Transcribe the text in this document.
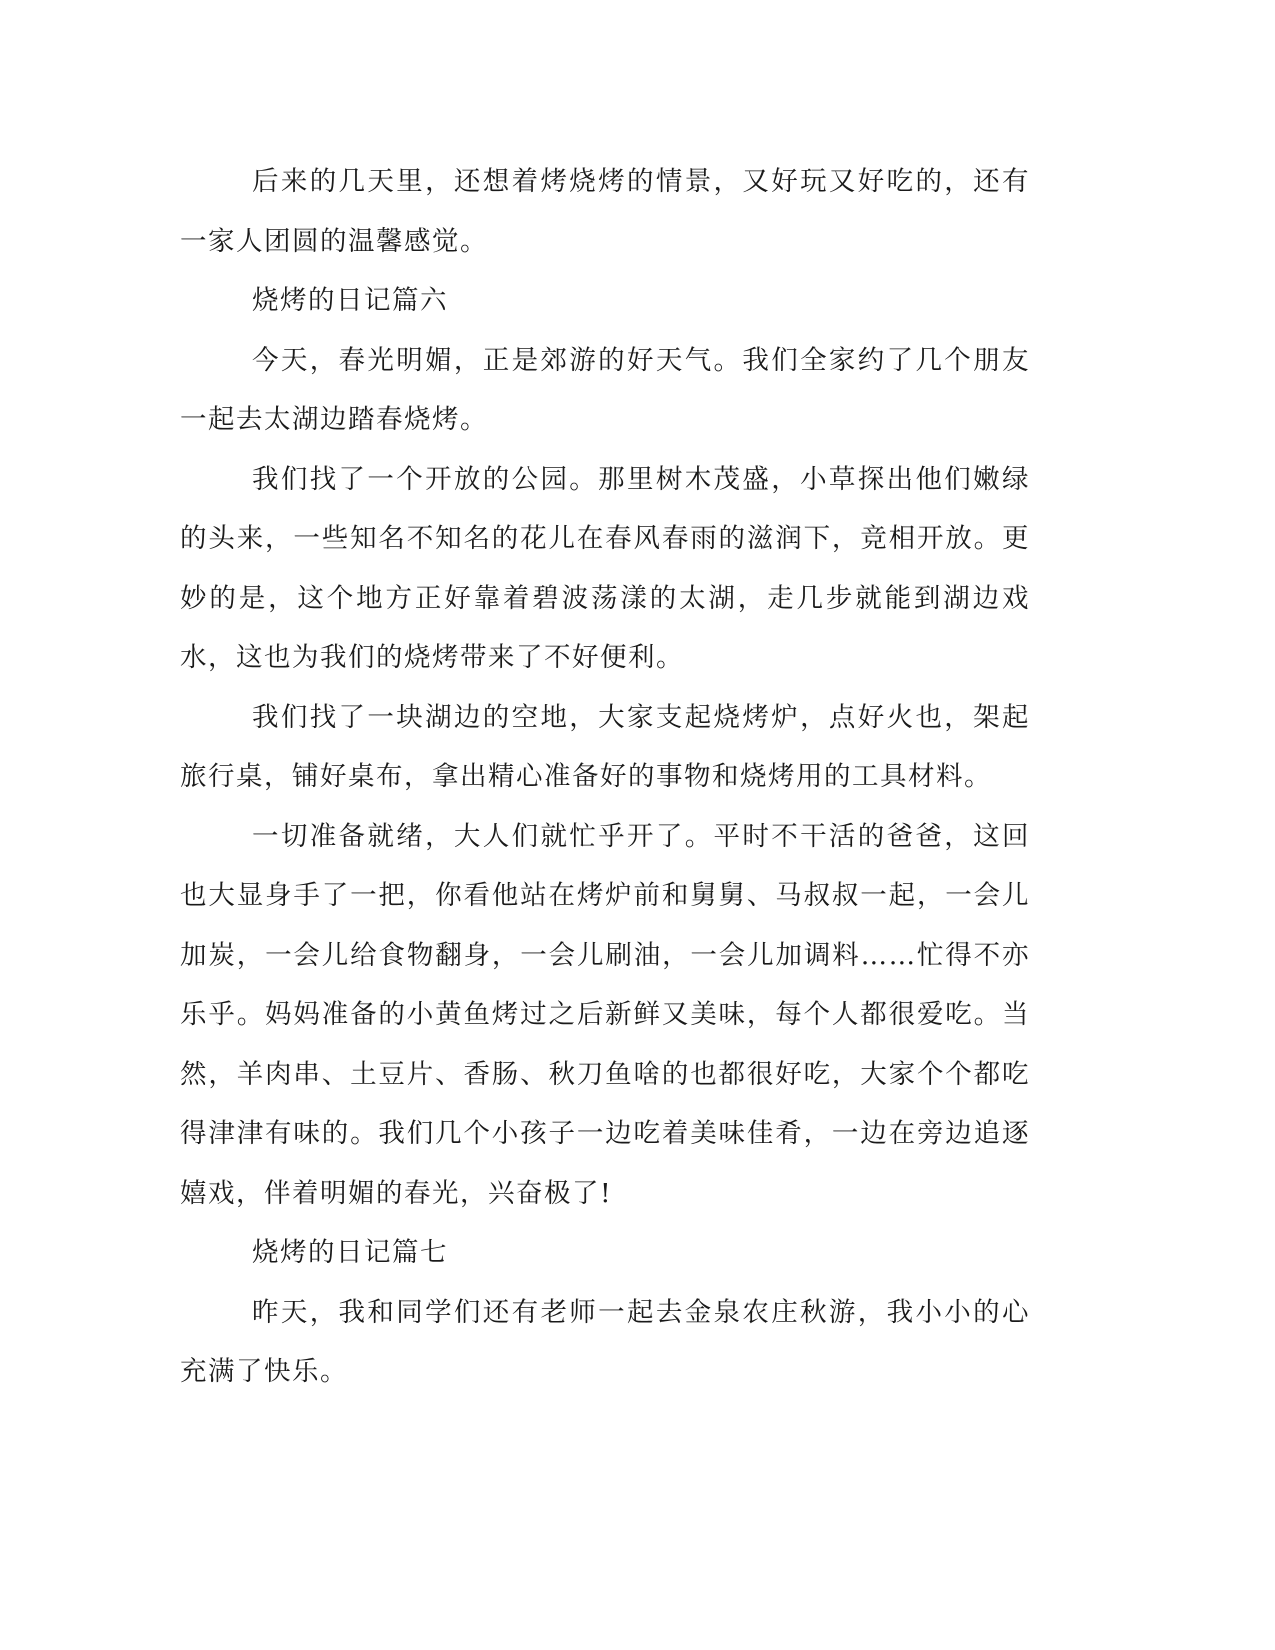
后来的几天里，还想着烤烧烤的情景，又好玩又好吃的，还有一家人团圆的温馨感觉。

烧烤的日记篇六

今天，春光明媚，正是郊游的好天气。我们全家约了几个朋友一起去太湖边踏春烧烤。

我们找了一个开放的公园。那里树木茂盛，小草探出他们嫩绿的头来，一些知名不知名的花儿在春风春雨的滋润下，竞相开放。更妙的是，这个地方正好靠着碧波荡漾的太湖，走几步就能到湖边戏水，这也为我们的烧烤带来了不好便利。

我们找了一块湖边的空地，大家支起烧烤炉，点好火也，架起旅行桌，铺好桌布，拿出精心准备好的事物和烧烤用的工具材料。

一切准备就绪，大人们就忙乎开了。平时不干活的爸爸，这回也大显身手了一把，你看他站在烤炉前和舅舅、马叔叔一起，一会儿加炭，一会儿给食物翻身，一会儿刷油，一会儿加调料……忙得不亦乐乎。妈妈准备的小黄鱼烤过之后新鲜又美味，每个人都很爱吃。当然，羊肉串、土豆片、香肠、秋刀鱼啥的也都很好吃，大家个个都吃得津津有味的。我们几个小孩子一边吃着美味佳肴，一边在旁边追逐嬉戏，伴着明媚的春光，兴奋极了!

烧烤的日记篇七

昨天，我和同学们还有老师一起去金泉农庄秋游，我小小的心充满了快乐。
